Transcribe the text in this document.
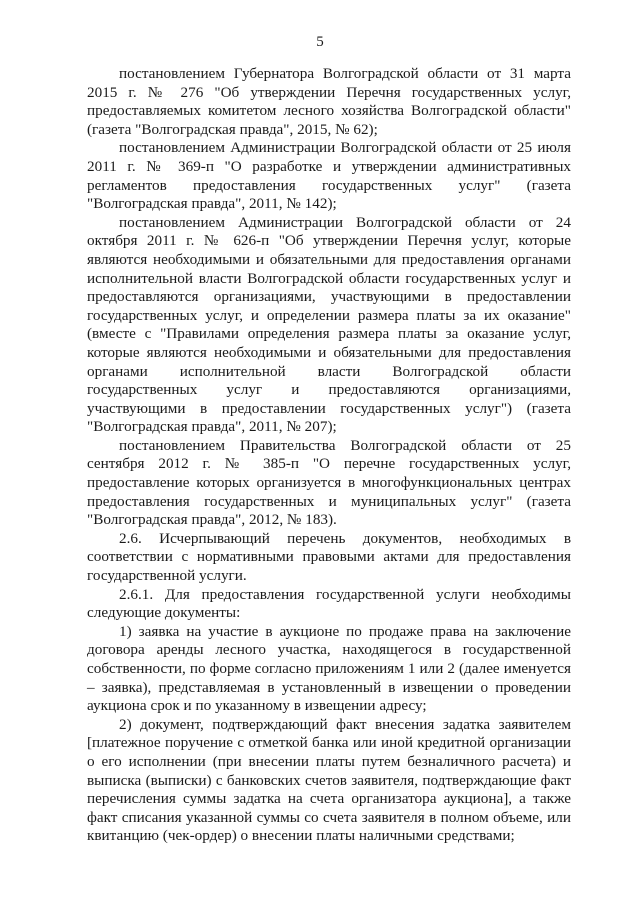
5

постановлением Губернатора Волгоградской области от 31 марта 2015 г. № 276 "Об утверждении Перечня государственных услуг, предоставляемых комитетом лесного хозяйства Волгоградской области" (газета "Волгоградская правда", 2015, № 62);

постановлением Администрации Волгоградской области от 25 июля 2011 г. № 369-п "О разработке и утверждении административных регламентов предоставления государственных услуг" (газета "Волгоградская правда", 2011, № 142);

постановлением Администрации Волгоградской области от 24 октября 2011 г. № 626-п "Об утверждении Перечня услуг, которые являются необходимыми и обязательными для предоставления органами исполнительной власти Волгоградской области государственных услуг и предоставляются организациями, участвующими в предоставлении государственных услуг, и определении размера платы за их оказание" (вместе с "Правилами определения размера платы за оказание услуг, которые являются необходимыми и обязательными для предоставления органами исполнительной власти Волгоградской области государственных услуг и предоставляются организациями, участвующими в предоставлении государственных услуг") (газета "Волгоградская правда", 2011, № 207);

постановлением Правительства Волгоградской области от 25 сентября 2012 г. № 385-п "О перечне государственных услуг, предоставление которых организуется в многофункциональных центрах предоставления государственных и муниципальных услуг" (газета "Волгоградская правда", 2012, № 183).

2.6. Исчерпывающий перечень документов, необходимых в соответствии с нормативными правовыми актами для предоставления государственной услуги.

2.6.1. Для предоставления государственной услуги необходимы следующие документы:

1) заявка на участие в аукционе по продаже права на заключение договора аренды лесного участка, находящегося в государственной собственности, по форме согласно приложениям 1 или 2 (далее именуется – заявка), представляемая в установленный в извещении о проведении аукциона срок и по указанному в извещении адресу;

2) документ, подтверждающий факт внесения задатка заявителем [платежное поручение с отметкой банка или иной кредитной организации о его исполнении (при внесении платы путем безналичного расчета) и выписка (выписки) с банковских счетов заявителя, подтверждающие факт перечисления суммы задатка на счета организатора аукциона], а также факт списания указанной суммы со счета заявителя в полном объеме, или квитанцию (чек-ордер) о внесении платы наличными средствами;
